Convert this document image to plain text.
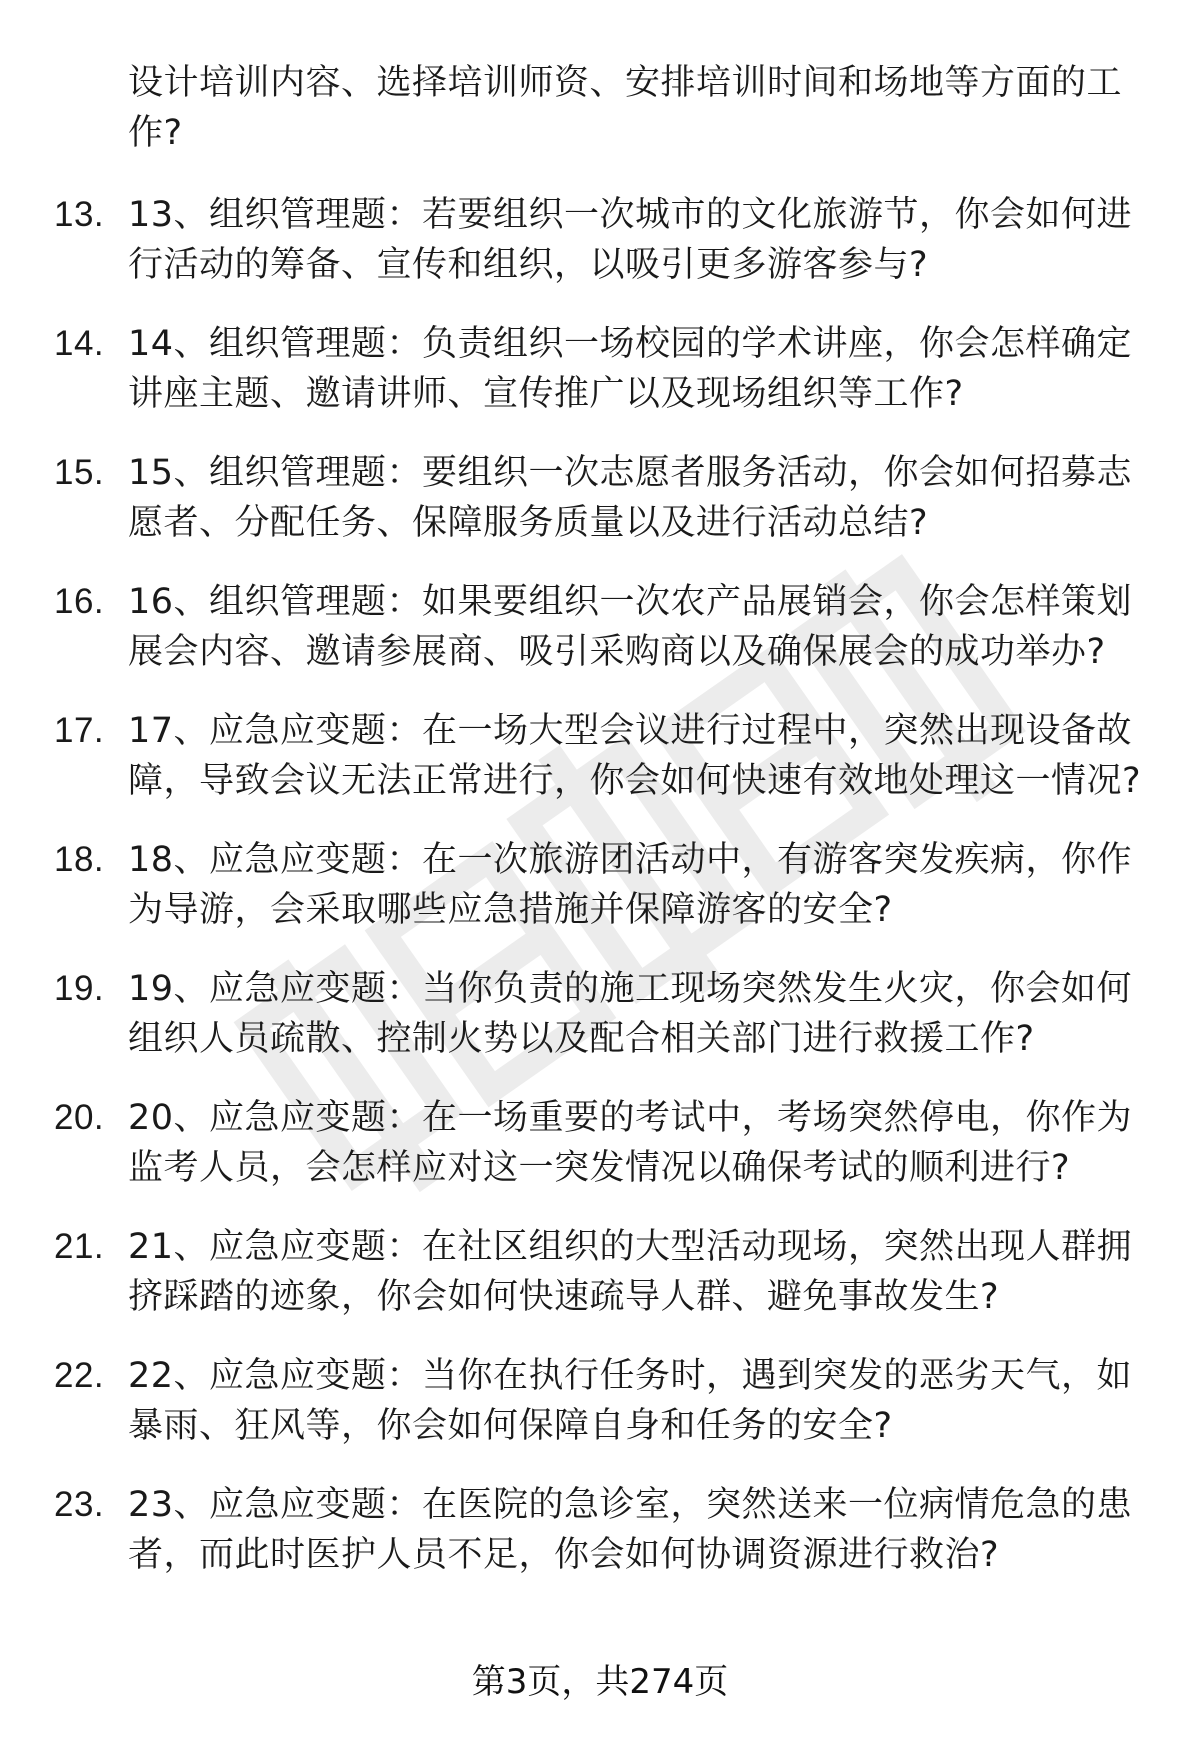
设计培训内容、选择培训师资、安排培训时间和场地等方面的工作?
13. 13、组织管理题：若要组织一次城市的文化旅游节，你会如何进行活动的筹备、宣传和组织，以吸引更多游客参与?
14. 14、组织管理题：负责组织一场校园的学术讲座，你会怎样确定讲座主题、邀请讲师、宣传推广以及现场组织等工作?
15. 15、组织管理题：要组织一次志愿者服务活动，你会如何招募志愿者、分配任务、保障服务质量以及进行活动总结?
16. 16、组织管理题：如果要组织一次农产品展销会，你会怎样策划展会内容、邀请参展商、吸引采购商以及确保展会的成功举办?
17. 17、应急应变题：在一场大型会议进行过程中，突然出现设备故障，导致会议无法正常进行，你会如何快速有效地处理这一情况?
18. 18、应急应变题：在一次旅游团活动中，有游客突发疾病，你作为导游，会采取哪些应急措施并保障游客的安全?
19. 19、应急应变题：当你负责的施工现场突然发生火灾，你会如何组织人员疏散、控制火势以及配合相关部门进行救援工作?
20. 20、应急应变题：在一场重要的考试中，考场突然停电，你作为监考人员，会怎样应对这一突发情况以确保考试的顺利进行?
21. 21、应急应变题：在社区组织的大型活动现场，突然出现人群拥挤踩踏的迹象，你会如何快速疏导人群、避免事故发生?
22. 22、应急应变题：当你在执行任务时，遇到突发的恶劣天气，如暴雨、狂风等，你会如何保障自身和任务的安全?
23. 23、应急应变题：在医院的急诊室，突然送来一位病情危急的患者，而此时医护人员不足，你会如何协调资源进行救治?
第3页，共274页
